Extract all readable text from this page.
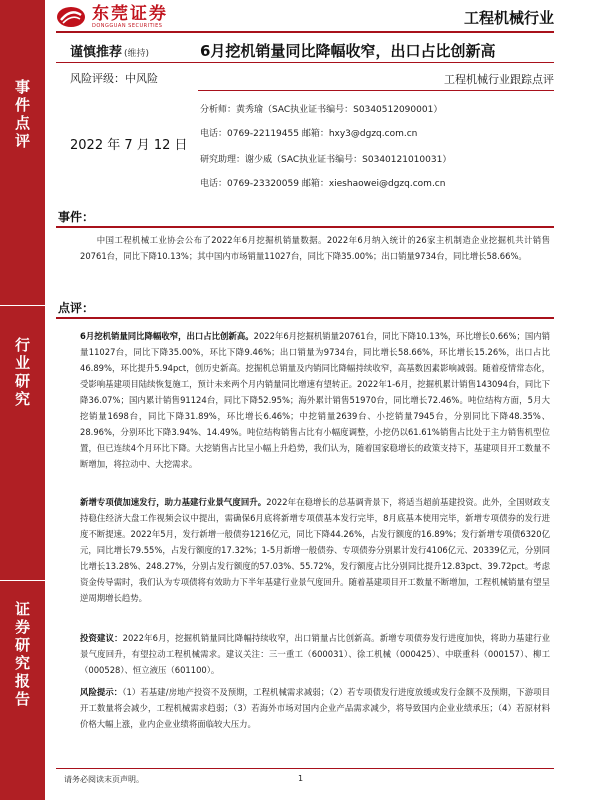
事件点评
行业研究
证券研究报告
东莞证券
DONGGUAN SECURITIES	工程机械行业
谨慎推荐 (维持)	6月挖机销量同比降幅收窄，出口占比创新高
风险评级：中风险	工程机械行业跟踪点评
分析师：黄秀瑜（SAC执业证书编号：S0340512090001）
电话：0769-22119455 邮箱：hxy3@dgzq.com.cn
研究助理：谢少威（SAC执业证书编号：S0340121010031）
电话：0769-23320059 邮箱：xieshaowei@dgzq.com.cn
2022 年 7 月 12 日
事件：
中国工程机械工业协会公布了2022年6月挖掘机销量数据。2022年6月纳入统计的26家主机制造企业挖掘机共计销售20761台，同比下降10.13%；其中国内市场销量11027台，同比下降35.00%；出口销量9734台，同比增长58.66%。
点评：
6月挖机销量同比降幅收窄，出口占比创新高。2022年6月挖掘机销量20761台，同比下降10.13%，环比增长0.66%；国内销量11027台，同比下降35.00%，环比下降9.46%；出口销量为9734台，同比增长58.66%，环比增长15.26%，出口占比46.89%，环比提升5.94pct，创历史新高。挖掘机总销量及内销同比降幅持续收窄，高基数因素影响减弱。随着疫情常态化，受影响基建项目陆续恢复施工，预计未来两个月内销量同比增速有望转正。2022年1-6月，挖掘机累计销售143094台，同比下降36.07%；国内累计销售91124台，同比下降52.95%；海外累计销售51970台，同比增长72.46%。吨位结构方面，5月大挖销量1698台，同比下降31.89%，环比增长6.46%；中挖销量2639台、小挖销量7945台，分别同比下降48.35%、28.96%，分别环比下降3.94%、14.49%。吨位结构销售占比有小幅度调整，小挖仍以61.61%销售占比处于主力销售机型位置，但已连续4个月环比下降。大挖销售占比呈小幅上升趋势，我们认为，随着国家稳增长的政策支持下，基建项目开工数量不断增加，将拉动中、大挖需求。
新增专项债加速发行，助力基建行业景气度回升。2022年在稳增长的总基调背景下，将适当超前基建投资。此外，全国财政支持稳住经济大盘工作视频会议中提出，需确保6月底将新增专项债基本发行完毕，8月底基本使用完毕，新增专项债券的发行进度不断提速。2022年5月，发行新增一般债券1216亿元，同比下降44.26%，占发行额度的16.89%；发行新增专项债6320亿元，同比增长79.55%，占发行额度的17.32%；1-5月新增一般债券、专项债券分别累计发行4106亿元、20339亿元，分别同比增长13.28%、248.27%，分别占发行额度的57.03%、55.72%，发行额度占比分别同比提升12.83pct、39.72pct。考虑资金传导需时，我们认为专项债将有效助力下半年基建行业景气度回升。随着基建项目开工数量不断增加，工程机械销量有望呈逆周期增长趋势。
投资建议：2022年6月，挖掘机销量同比降幅持续收窄，出口销量占比创新高。新增专项债券发行进度加快，将助力基建行业景气度回升，有望拉动工程机械需求。建议关注：三一重工（600031）、徐工机械（000425）、中联重科（000157）、柳工（000528）、恒立液压（601100）。
风险提示：（1）若基建/房地产投资不及预期，工程机械需求减弱；（2）若专项债发行进度放缓或发行金额不及预期，下游项目开工数量将会减少，工程机械需求趋弱；（3）若海外市场对国内企业产品需求减少，将导致国内企业业绩承压；（4）若原材料价格大幅上涨，业内企业业绩将面临较大压力。
请务必阅读末页声明。	1
